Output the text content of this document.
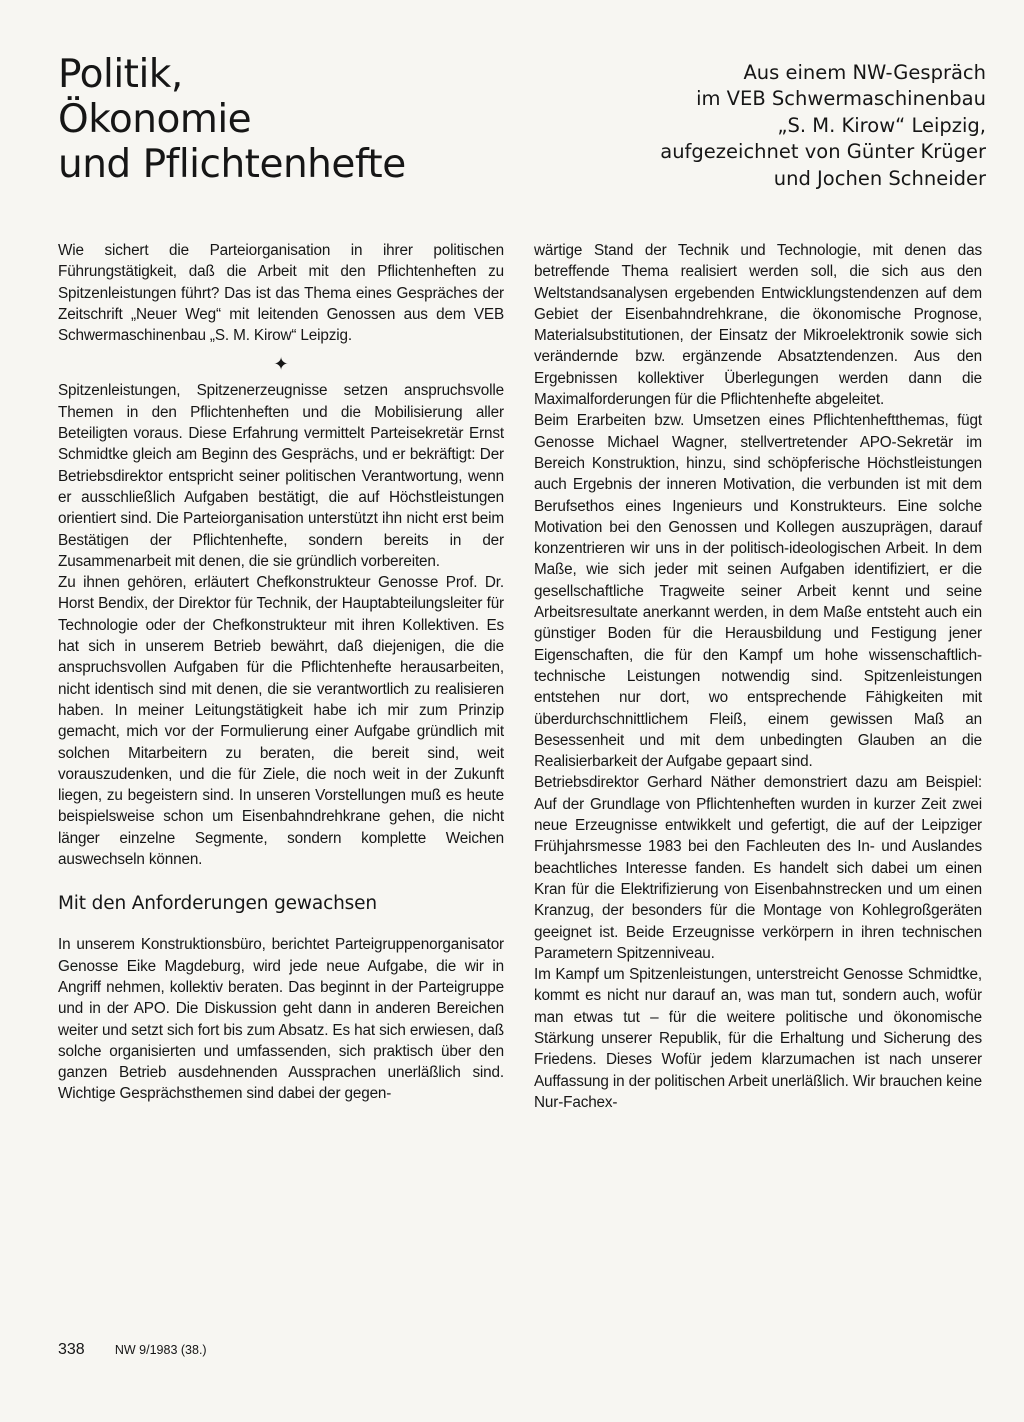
Politik,
Ökonomie
und Pflichtenhefte
Aus einem NW-Gespräch
im VEB Schwermaschinenbau
„S. M. Kirow“ Leipzig,
aufgezeichnet von Günter Krüger
und Jochen Schneider

Wie sichert die Parteiorganisation in ihrer politischen Führungstätigkeit, daß die Arbeit mit den Pflichtenheften zu Spitzenleistungen führt? Das ist das Thema eines Gespräches der Zeitschrift „Neuer Weg“ mit leitenden Genossen aus dem VEB Schwermaschinenbau „S. M. Kirow“ Leipzig.

✦

Spitzenleistungen, Spitzenerzeugnisse setzen anspruchsvolle Themen in den Pflichtenheften und die Mobilisierung aller Beteiligten voraus. Diese Erfahrung vermittelt Parteisekretär Ernst Schmidtke gleich am Beginn des Gesprächs, und er bekräftigt: Der Betriebsdirektor entspricht seiner politischen Verantwortung, wenn er ausschließlich Aufgaben bestätigt, die auf Höchstleistungen orientiert sind. Die Parteiorganisation unterstützt ihn nicht erst beim Bestätigen der Pflichtenhefte, sondern bereits in der Zusammenarbeit mit denen, die sie gründlich vorbereiten.

Zu ihnen gehören, erläutert Chefkonstrukteur Genosse Prof. Dr. Horst Bendix, der Direktor für Technik, der Hauptabteilungsleiter für Technologie oder der Chefkonstrukteur mit ihren Kollektiven. Es hat sich in unserem Betrieb bewährt, daß diejenigen, die die anspruchsvollen Aufgaben für die Pflichtenhefte herausarbeiten, nicht identisch sind mit denen, die sie verantwortlich zu realisieren haben. In meiner Leitungstätigkeit habe ich mir zum Prinzip gemacht, mich vor der Formulierung einer Aufgabe gründlich mit solchen Mitarbeitern zu beraten, die bereit sind, weit vorauszudenken, und die für Ziele, die noch weit in der Zukunft liegen, zu begeistern sind. In unseren Vorstellungen muß es heute beispielsweise schon um Eisenbahndrehkrane gehen, die nicht länger einzelne Segmente, sondern komplette Weichen auswechseln können.

Mit den Anforderungen gewachsen

In unserem Konstruktionsbüro, berichtet Parteigruppenorganisator Genosse Eike Magdeburg, wird jede neue Aufgabe, die wir in Angriff nehmen, kollektiv beraten. Das beginnt in der Parteigruppe und in der APO. Die Diskussion geht dann in anderen Bereichen weiter und setzt sich fort bis zum Absatz. Es hat sich erwiesen, daß solche organisierten und umfassenden, sich praktisch über den ganzen Betrieb ausdehnenden Aussprachen unerläßlich sind. Wichtige Gesprächsthemen sind dabei der gegen-

wärtige Stand der Technik und Technologie, mit denen das betreffende Thema realisiert werden soll, die sich aus den Weltstandsanalysen ergebenden Entwicklungstendenzen auf dem Gebiet der Eisenbahndrehkrane, die ökonomische Prognose, Materialsubstitutionen, der Einsatz der Mikroelektronik sowie sich verändernde bzw. ergänzende Absatztendenzen. Aus den Ergebnissen kollektiver Überlegungen werden dann die Maximalforderungen für die Pflichtenhefte abgeleitet.

Beim Erarbeiten bzw. Umsetzen eines Pflichtenheftthemas, fügt Genosse Michael Wagner, stellvertretender APO-Sekretär im Bereich Konstruktion, hinzu, sind schöpferische Höchstleistungen auch Ergebnis der inneren Motivation, die verbunden ist mit dem Berufsethos eines Ingenieurs und Konstrukteurs. Eine solche Motivation bei den Genossen und Kollegen auszuprägen, darauf konzentrieren wir uns in der politisch-ideologischen Arbeit. In dem Maße, wie sich jeder mit seinen Aufgaben identifiziert, er die gesellschaftliche Tragweite seiner Arbeit kennt und seine Arbeitsresultate anerkannt werden, in dem Maße entsteht auch ein günstiger Boden für die Herausbildung und Festigung jener Eigenschaften, die für den Kampf um hohe wissenschaftlich-technische Leistungen notwendig sind. Spitzenleistungen entstehen nur dort, wo entsprechende Fähigkeiten mit überdurchschnittlichem Fleiß, einem gewissen Maß an Besessenheit und mit dem unbedingten Glauben an die Realisierbarkeit der Aufgabe gepaart sind.

Betriebsdirektor Gerhard Näther demonstriert dazu am Beispiel: Auf der Grundlage von Pflichtenheften wurden in kurzer Zeit zwei neue Erzeugnisse entwikkelt und gefertigt, die auf der Leipziger Frühjahrsmesse 1983 bei den Fachleuten des In- und Auslandes beachtliches Interesse fanden. Es handelt sich dabei um einen Kran für die Elektrifizierung von Eisenbahnstrecken und um einen Kranzug, der besonders für die Montage von Kohlegroßgeräten geeignet ist. Beide Erzeugnisse verkörpern in ihren technischen Parametern Spitzenniveau.

Im Kampf um Spitzenleistungen, unterstreicht Genosse Schmidtke, kommt es nicht nur darauf an, was man tut, sondern auch, wofür man etwas tut – für die weitere politische und ökonomische Stärkung unserer Republik, für die Erhaltung und Sicherung des Friedens. Dieses Wofür jedem klarzumachen ist nach unserer Auffassung in der politischen Arbeit unerläßlich. Wir brauchen keine Nur-Fachex-

338 NW 9/1983 (38.)
